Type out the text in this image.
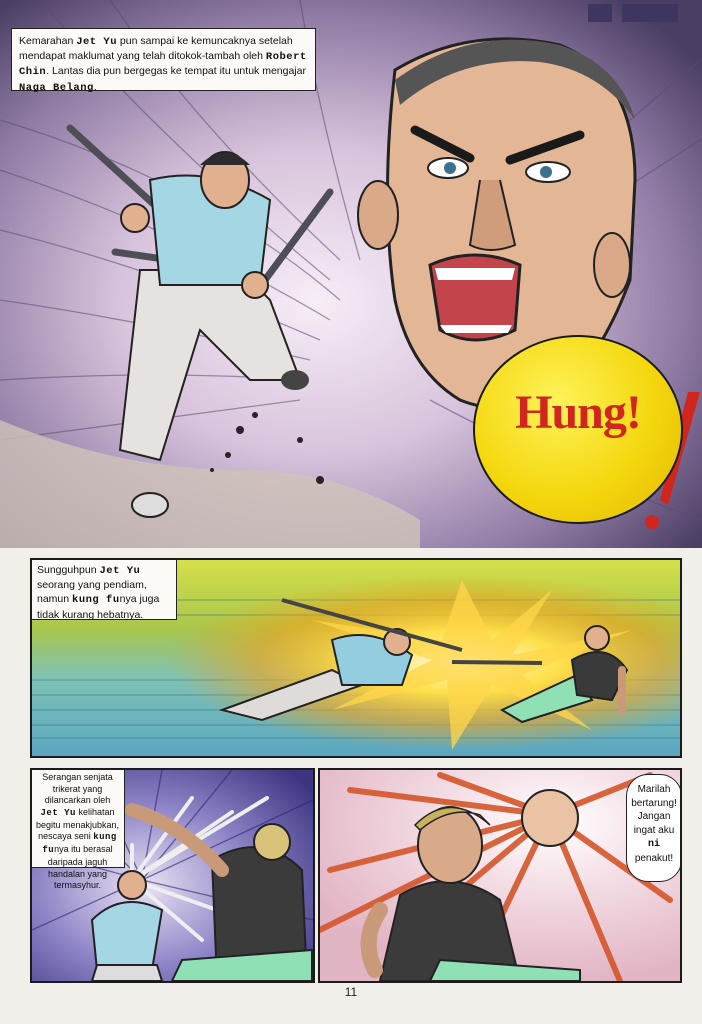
Hung!
Kemarahan Jet Yu pun sampai ke kemuncaknya setelah mendapat maklumat yang telah ditokok-tambah oleh Robert Chin. Lantas dia pun bergegas ke tempat itu untuk mengajar Naga Belang.
Sungguhpun Jet Yu seorang yang pendiam, namun kung funya juga tidak kurang hebatnya.
Serangan senjata trikerat yang dilancarkan oleh Jet Yu kelihatan begitu menakjubkan, nescaya seni kung funya itu berasal daripada jaguh handalan yang termasyhur.
Marilah bertarung! Jangan ingat aku ni penakut!
11
